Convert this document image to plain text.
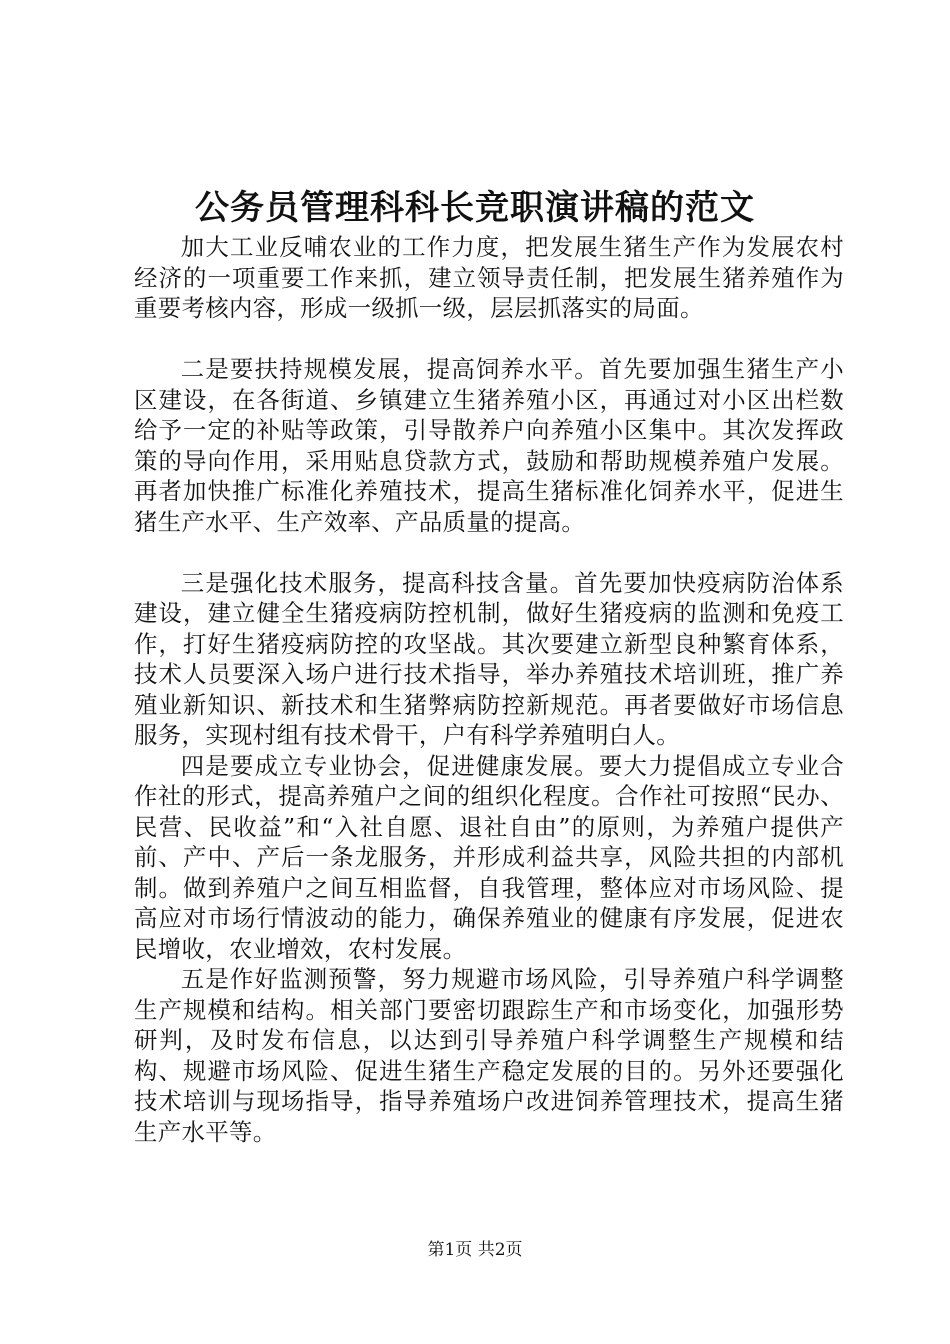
公务员管理科科长竞职演讲稿的范文

加大工业反哺农业的工作力度，把发展生猪生产作为发展农村经济的一项重要工作来抓，建立领导责任制，把发展生猪养殖作为重要考核内容，形成一级抓一级，层层抓落实的局面。

二是要扶持规模发展，提高饲养水平。首先要加强生猪生产小区建设，在各街道、乡镇建立生猪养殖小区，再通过对小区出栏数给予一定的补贴等政策，引导散养户向养殖小区集中。其次发挥政策的导向作用，采用贴息贷款方式，鼓励和帮助规模养殖户发展。再者加快推广标准化养殖技术，提高生猪标准化饲养水平，促进生猪生产水平、生产效率、产品质量的提高。

三是强化技术服务，提高科技含量。首先要加快疫病防治体系建设，建立健全生猪疫病防控机制，做好生猪疫病的监测和免疫工作，打好生猪疫病防控的攻坚战。其次要建立新型良种繁育体系，技术人员要深入场户进行技术指导，举办养殖技术培训班，推广养殖业新知识、新技术和生猪弊病防控新规范。再者要做好市场信息服务，实现村组有技术骨干，户有科学养殖明白人。

四是要成立专业协会，促进健康发展。要大力提倡成立专业合作社的形式，提高养殖户之间的组织化程度。合作社可按照“民办、民营、民收益”和“入社自愿、退社自由”的原则，为养殖户提供产前、产中、产后一条龙服务，并形成利益共享，风险共担的内部机制。做到养殖户之间互相监督，自我管理，整体应对市场风险、提高应对市场行情波动的能力，确保养殖业的健康有序发展，促进农民增收，农业增效，农村发展。

五是作好监测预警，努力规避市场风险，引导养殖户科学调整生产规模和结构。相关部门要密切跟踪生产和市场变化，加强形势研判，及时发布信息，以达到引导养殖户科学调整生产规模和结构、规避市场风险、促进生猪生产稳定发展的目的。另外还要强化技术培训与现场指导，指导养殖场户改进饲养管理技术，提高生猪生产水平等。

第1页 共2页
